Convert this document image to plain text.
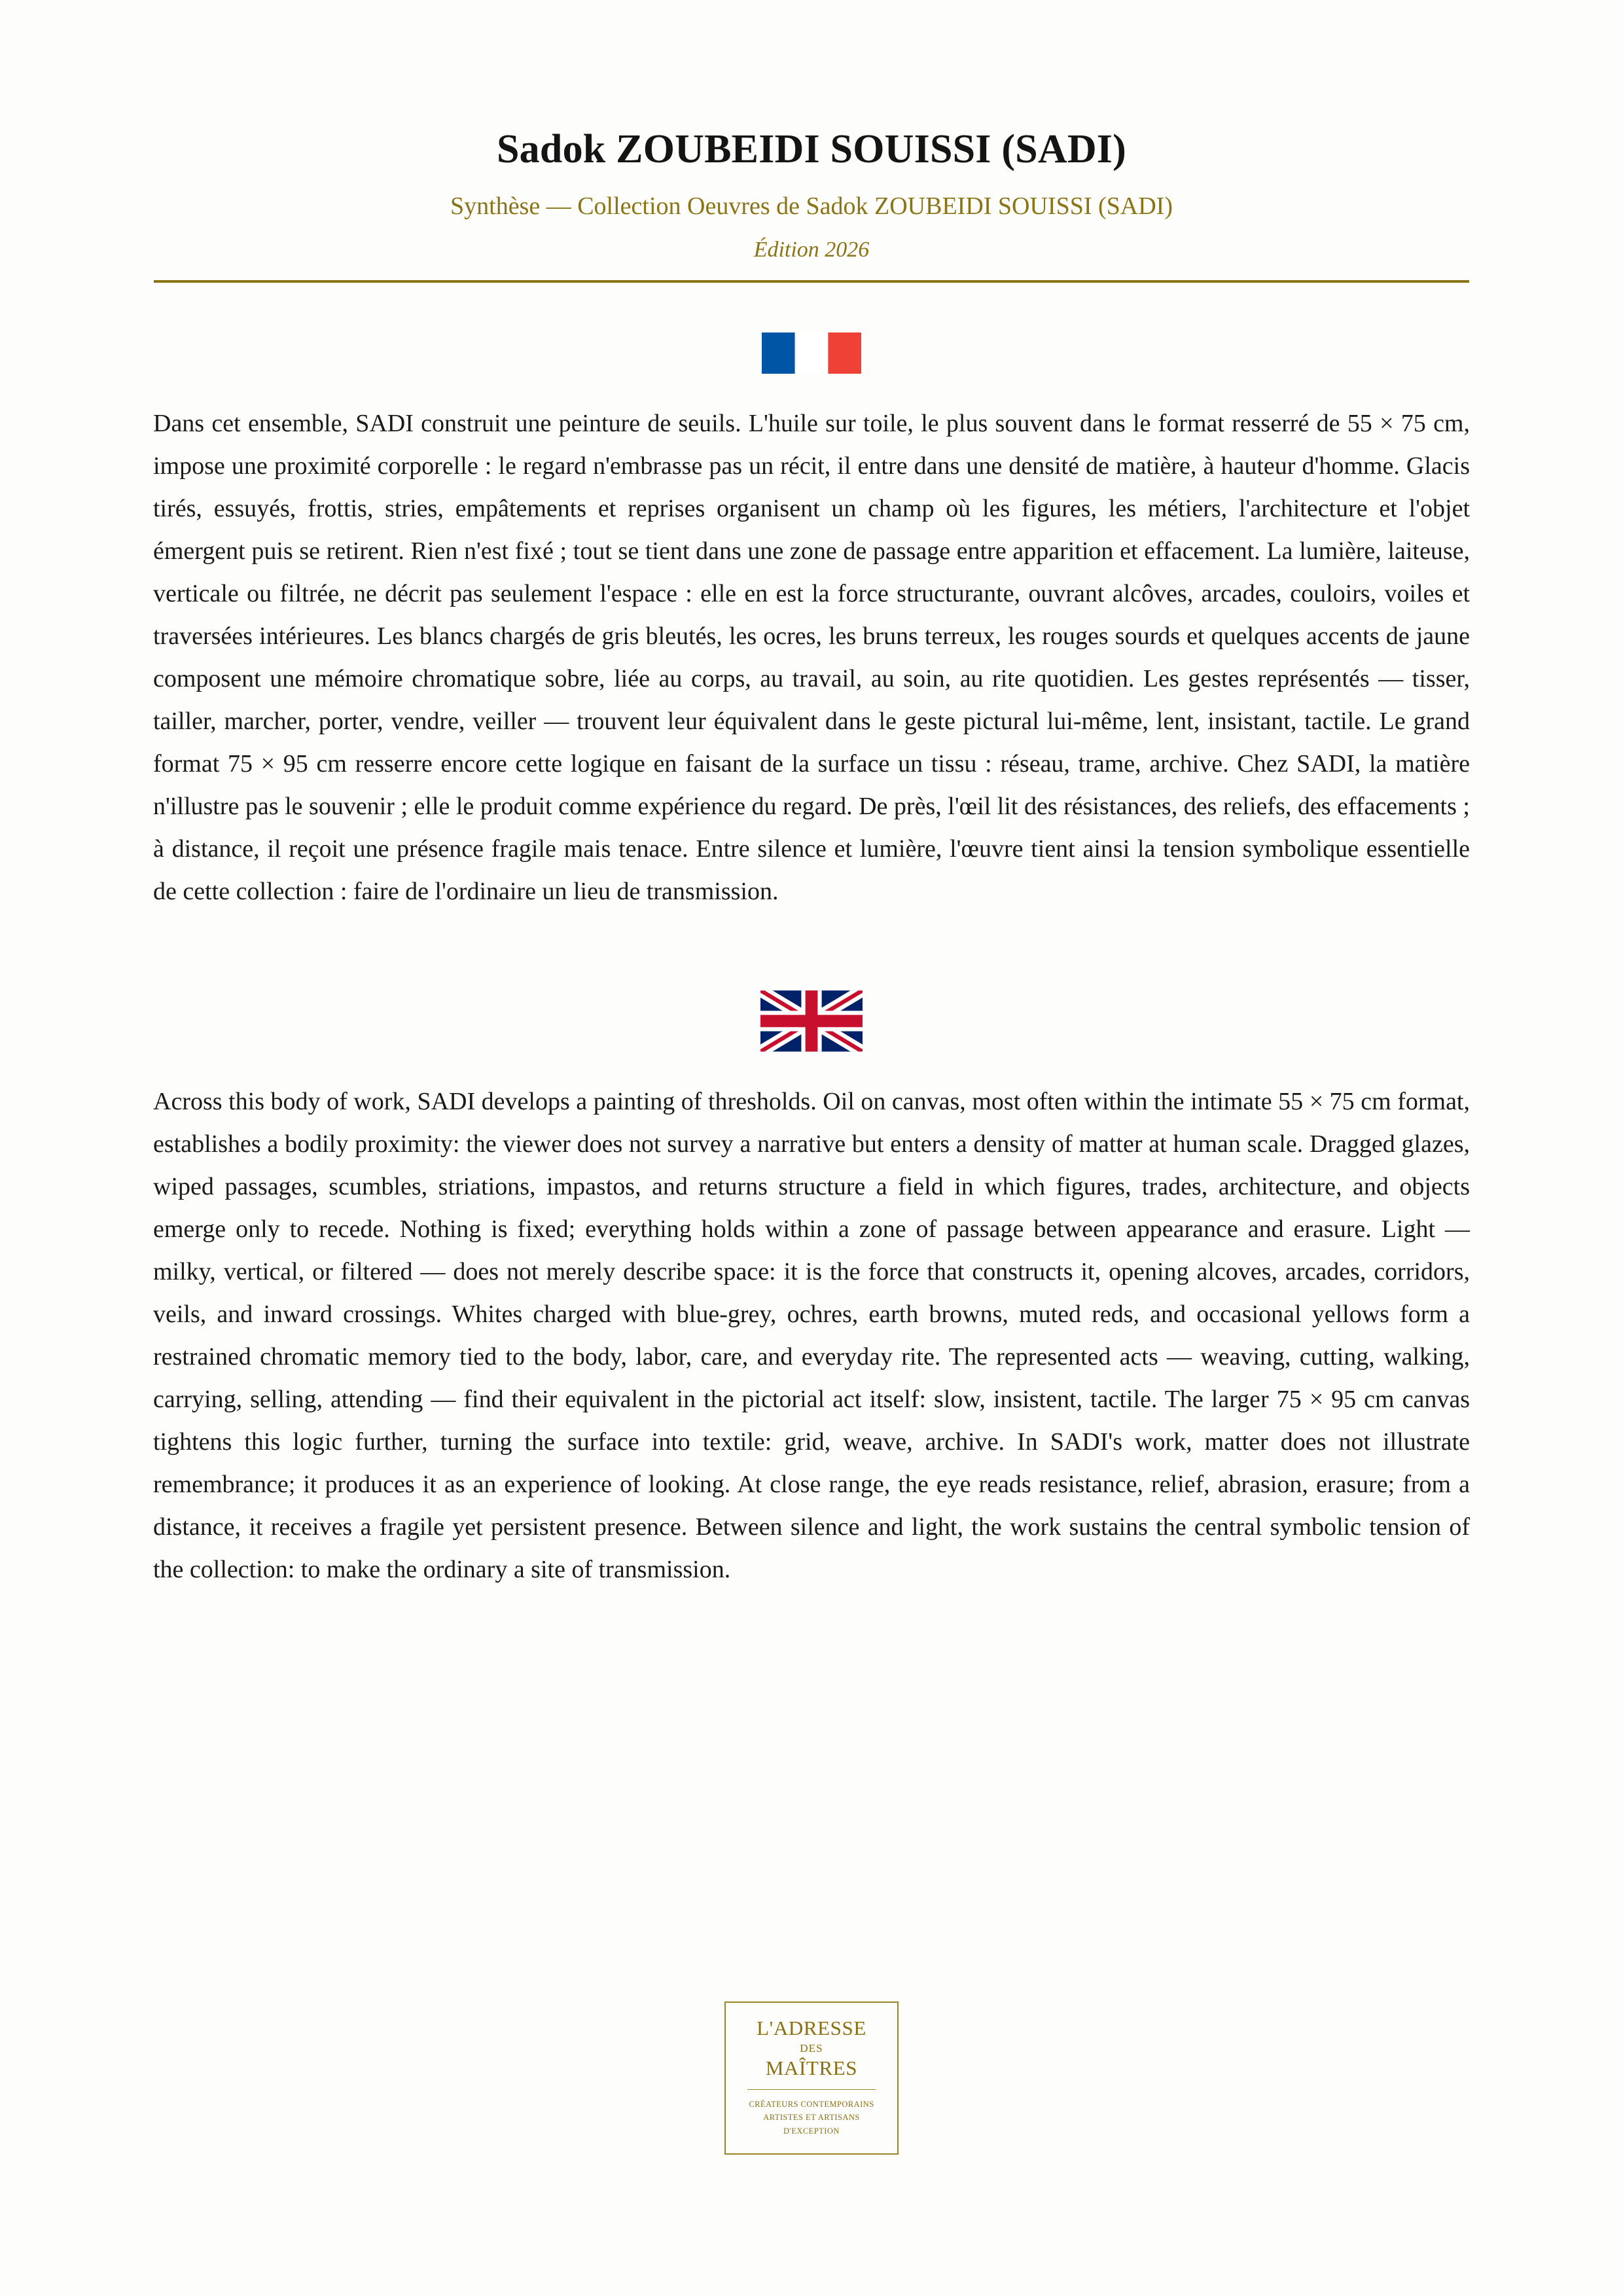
Sadok ZOUBEIDI SOUISSI (SADI)
Synthèse — Collection Oeuvres de Sadok ZOUBEIDI SOUISSI (SADI)
Édition 2026

Dans cet ensemble, SADI construit une peinture de seuils. L'huile sur toile, le plus souvent dans le format resserré de 55 × 75 cm, impose une proximité corporelle : le regard n'embrasse pas un récit, il entre dans une densité de matière, à hauteur d'homme. Glacis tirés, essuyés, frottis, stries, empâtements et reprises organisent un champ où les figures, les métiers, l'architecture et l'objet émergent puis se retirent. Rien n'est fixé ; tout se tient dans une zone de passage entre apparition et effacement. La lumière, laiteuse, verticale ou filtrée, ne décrit pas seulement l'espace : elle en est la force structurante, ouvrant alcôves, arcades, couloirs, voiles et traversées intérieures. Les blancs chargés de gris bleutés, les ocres, les bruns terreux, les rouges sourds et quelques accents de jaune composent une mémoire chromatique sobre, liée au corps, au travail, au soin, au rite quotidien. Les gestes représentés — tisser, tailler, marcher, porter, vendre, veiller — trouvent leur équivalent dans le geste pictural lui-même, lent, insistant, tactile. Le grand format 75 × 95 cm resserre encore cette logique en faisant de la surface un tissu : réseau, trame, archive. Chez SADI, la matière n'illustre pas le souvenir ; elle le produit comme expérience du regard. De près, l'œil lit des résistances, des reliefs, des effacements ; à distance, il reçoit une présence fragile mais tenace. Entre silence et lumière, l'œuvre tient ainsi la tension symbolique essentielle de cette collection : faire de l'ordinaire un lieu de transmission.

Across this body of work, SADI develops a painting of thresholds. Oil on canvas, most often within the intimate 55 × 75 cm format, establishes a bodily proximity: the viewer does not survey a narrative but enters a density of matter at human scale. Dragged glazes, wiped passages, scumbles, striations, impastos, and returns structure a field in which figures, trades, architecture, and objects emerge only to recede. Nothing is fixed; everything holds within a zone of passage between appearance and erasure. Light — milky, vertical, or filtered — does not merely describe space: it is the force that constructs it, opening alcoves, arcades, corridors, veils, and inward crossings. Whites charged with blue-grey, ochres, earth browns, muted reds, and occasional yellows form a restrained chromatic memory tied to the body, labor, care, and everyday rite. The represented acts — weaving, cutting, walking, carrying, selling, attending — find their equivalent in the pictorial act itself: slow, insistent, tactile. The larger 75 × 95 cm canvas tightens this logic further, turning the surface into textile: grid, weave, archive. In SADI's work, matter does not illustrate remembrance; it produces it as an experience of looking. At close range, the eye reads resistance, relief, abrasion, erasure; from a distance, it receives a fragile yet persistent presence. Between silence and light, the work sustains the central symbolic tension of the collection: to make the ordinary a site of transmission.

L'ADRESSE
DES
MAÎTRES
CRÉATEURS CONTEMPORAINS
ARTISTES ET ARTISANS
D'EXCEPTION
